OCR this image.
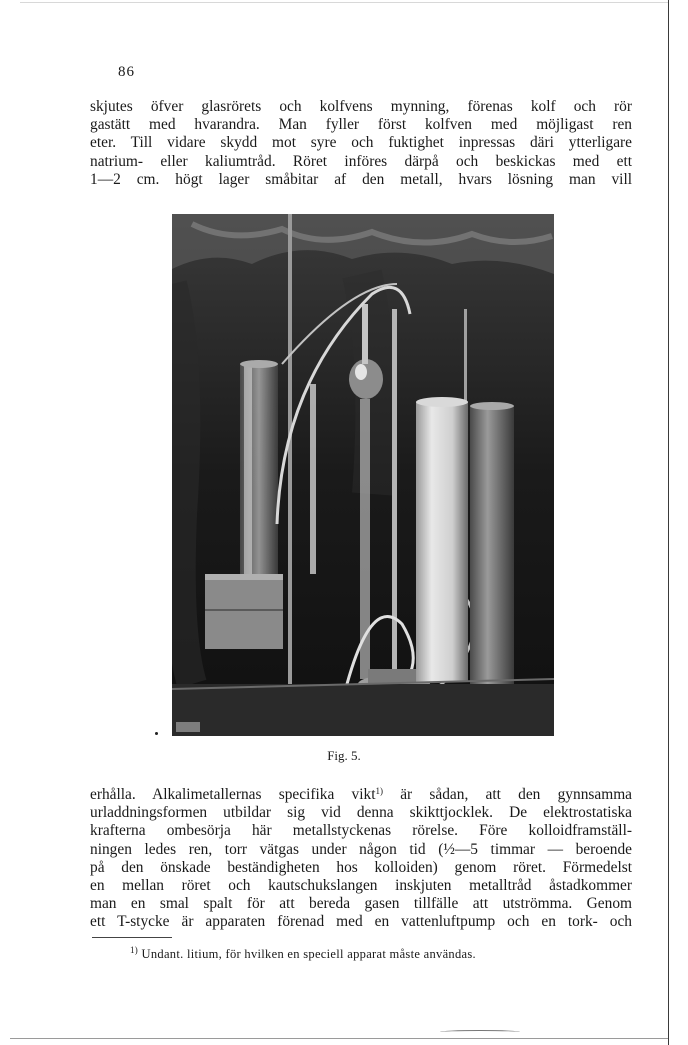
86
skjutes öfver glasrörets och kolfvens mynning, förenas kolf och rör
gastätt med hvarandra. Man fyller först kolfven med möjligast ren
eter. Till vidare skydd mot syre och fuktighet inpressas däri ytterligare
natrium- eller kaliumtråd. Röret införes därpå och beskickas med ett
1—2 cm. högt lager småbitar af den metall, hvars lösning man vill
Fig. 5.
erhålla. Alkalimetallernas specifika vikt$^{1)}$ är sådan, att den gynnsamma
urladdningsformen utbildar sig vid denna skikttjocklek. De elektrostatiska
krafterna ombesörja här metallstyckenas rörelse. Före kolloidframställ-
ningen ledes ren, torr vätgas under någon tid (½—5 timmar — beroende
på den önskade beständigheten hos kolloiden) genom röret. Förmedelst
en mellan röret och kautschukslangen inskjuten metalltråd åstadkommer
man en smal spalt för att bereda gasen tillfälle att utströmma. Genom
ett T-stycke är apparaten förenad med en vattenluftpump och en tork- och
$^{1)}$ Undant. litium, för hvilken en speciell apparat måste användas.
